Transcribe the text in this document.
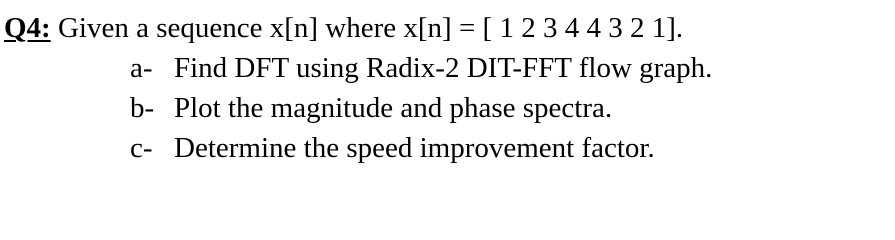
Q4: Given a sequence x[n] where x[n] = [ 1 2 3 4 4 3 2 1].
a- Find DFT using Radix-2 DIT-FFT flow graph.
b- Plot the magnitude and phase spectra.
c- Determine the speed improvement factor.
